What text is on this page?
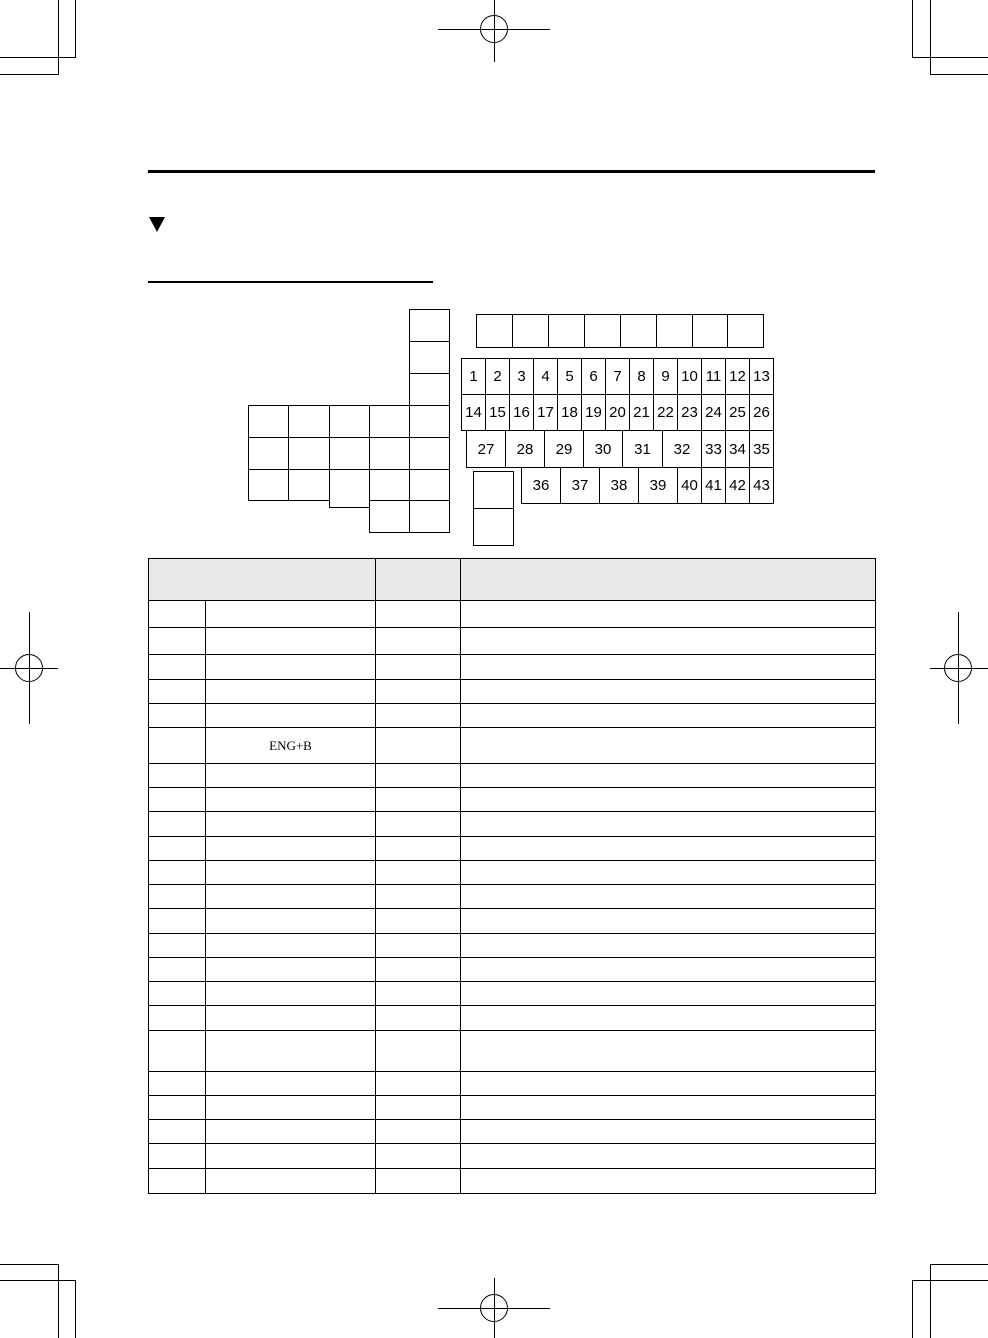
1 2 3 4 5 6 7 8 9 10 11 12 13
14 15 16 17 18 19 20 21 22 23 24 25 26
27 28 29 30 31 32 33 34 35
36 37 38 39 40 41 42 43

	ENG+B		
